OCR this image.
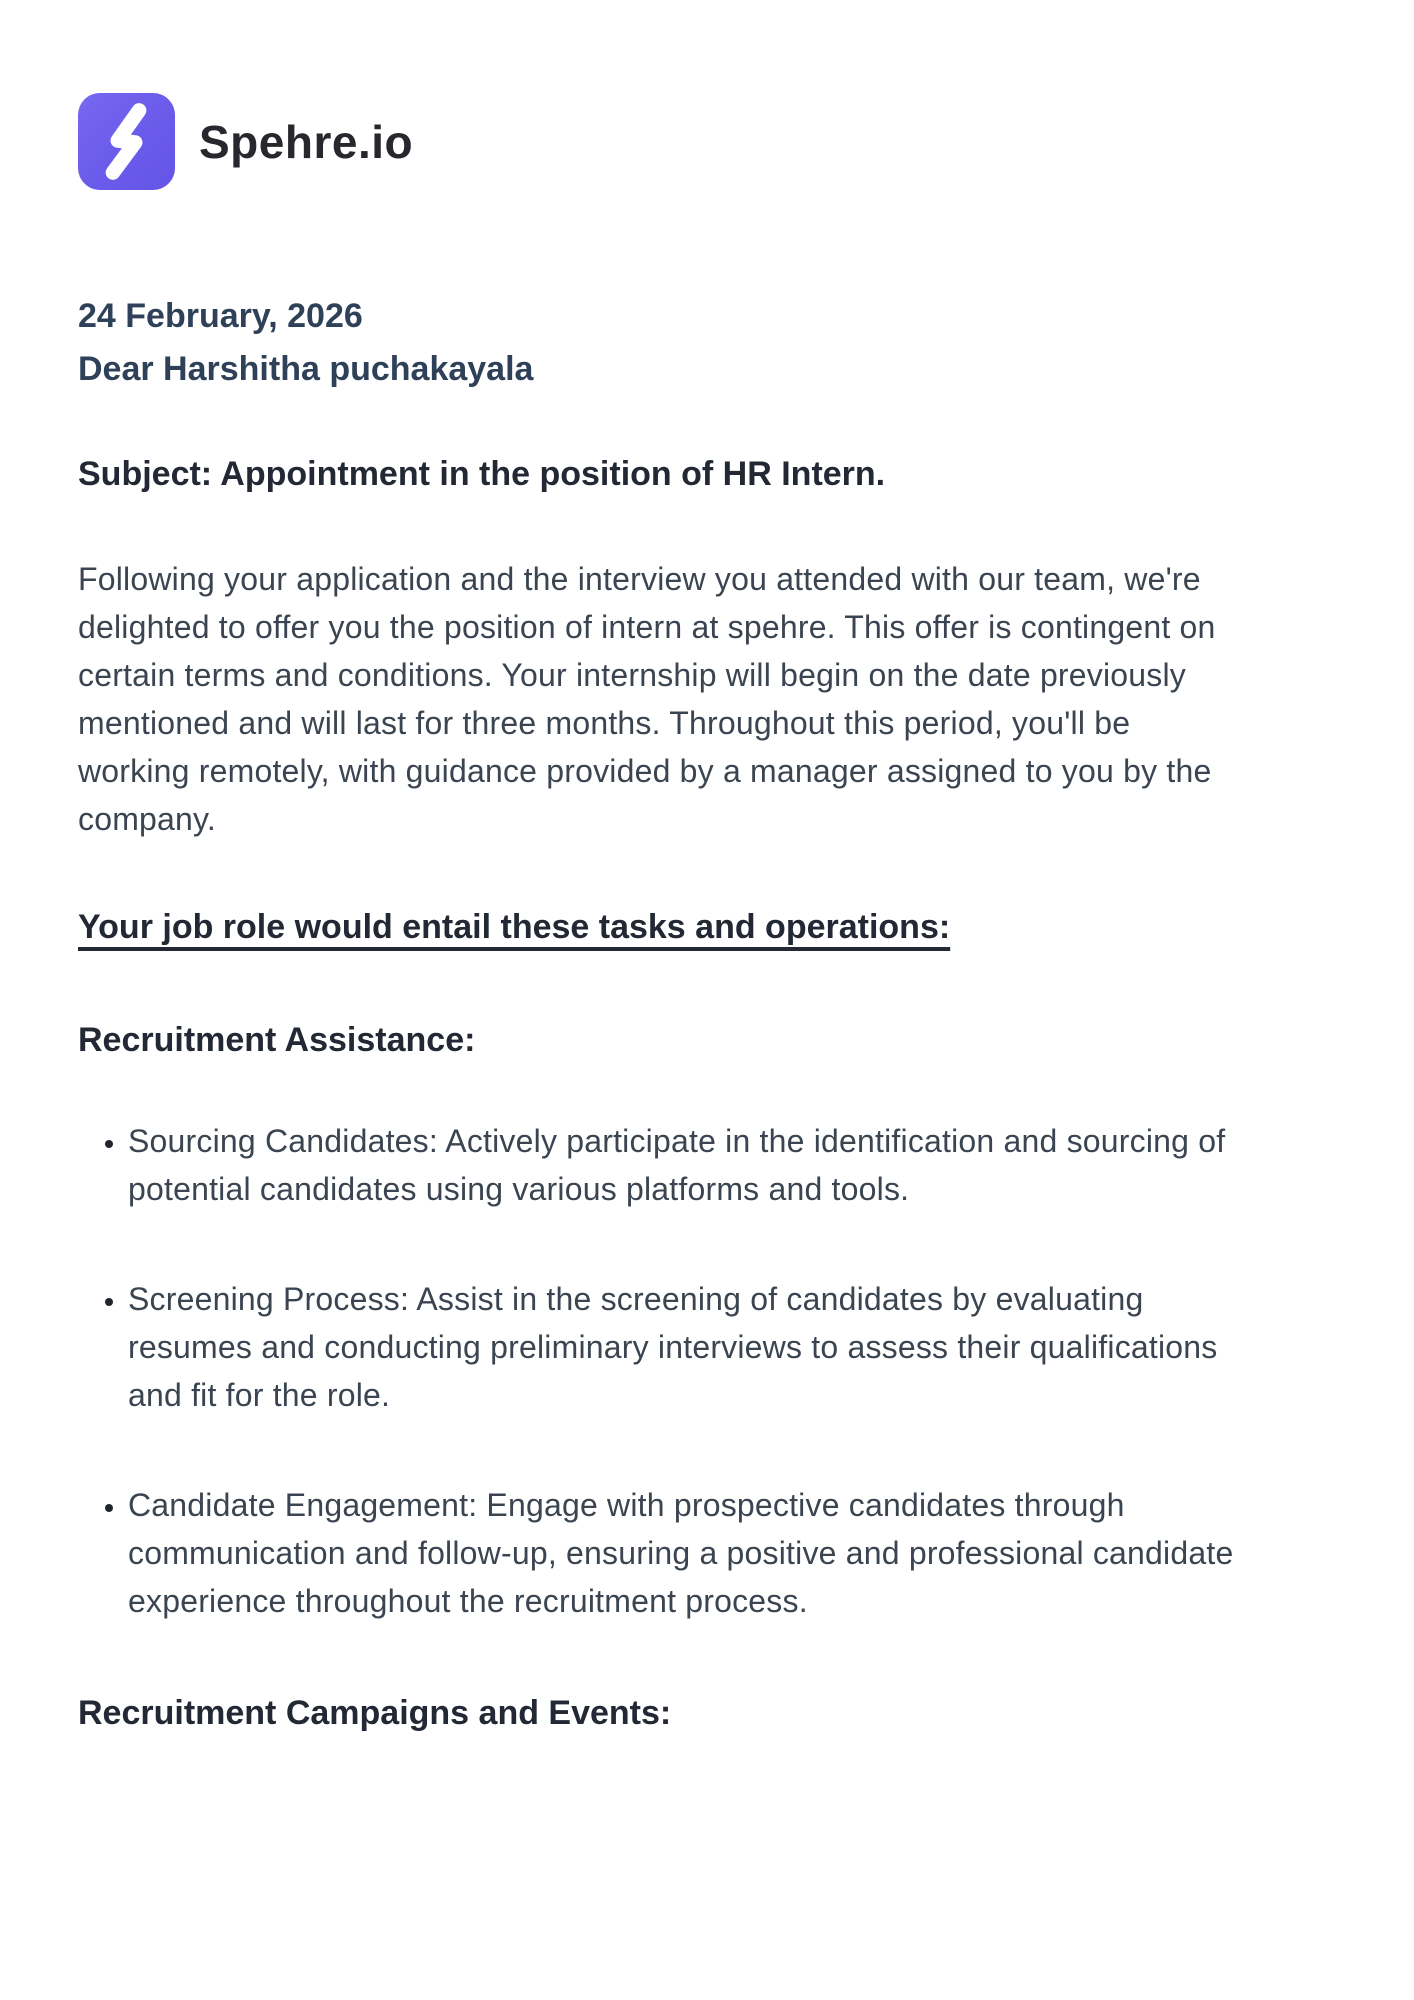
Spehre.io
24 February, 2026
Dear Harshitha puchakayala
Subject: Appointment in the position of HR Intern.

Following your application and the interview you attended with our team, we're delighted to offer you the position of intern at spehre. This offer is contingent on certain terms and conditions. Your internship will begin on the date previously mentioned and will last for three months. Throughout this period, you'll be working remotely, with guidance provided by a manager assigned to you by the company.

Your job role would entail these tasks and operations:
Recruitment Assistance:
• Sourcing Candidates: Actively participate in the identification and sourcing of potential candidates using various platforms and tools.
• Screening Process: Assist in the screening of candidates by evaluating resumes and conducting preliminary interviews to assess their qualifications and fit for the role.
• Candidate Engagement: Engage with prospective candidates through communication and follow-up, ensuring a positive and professional candidate experience throughout the recruitment process.
Recruitment Campaigns and Events:
